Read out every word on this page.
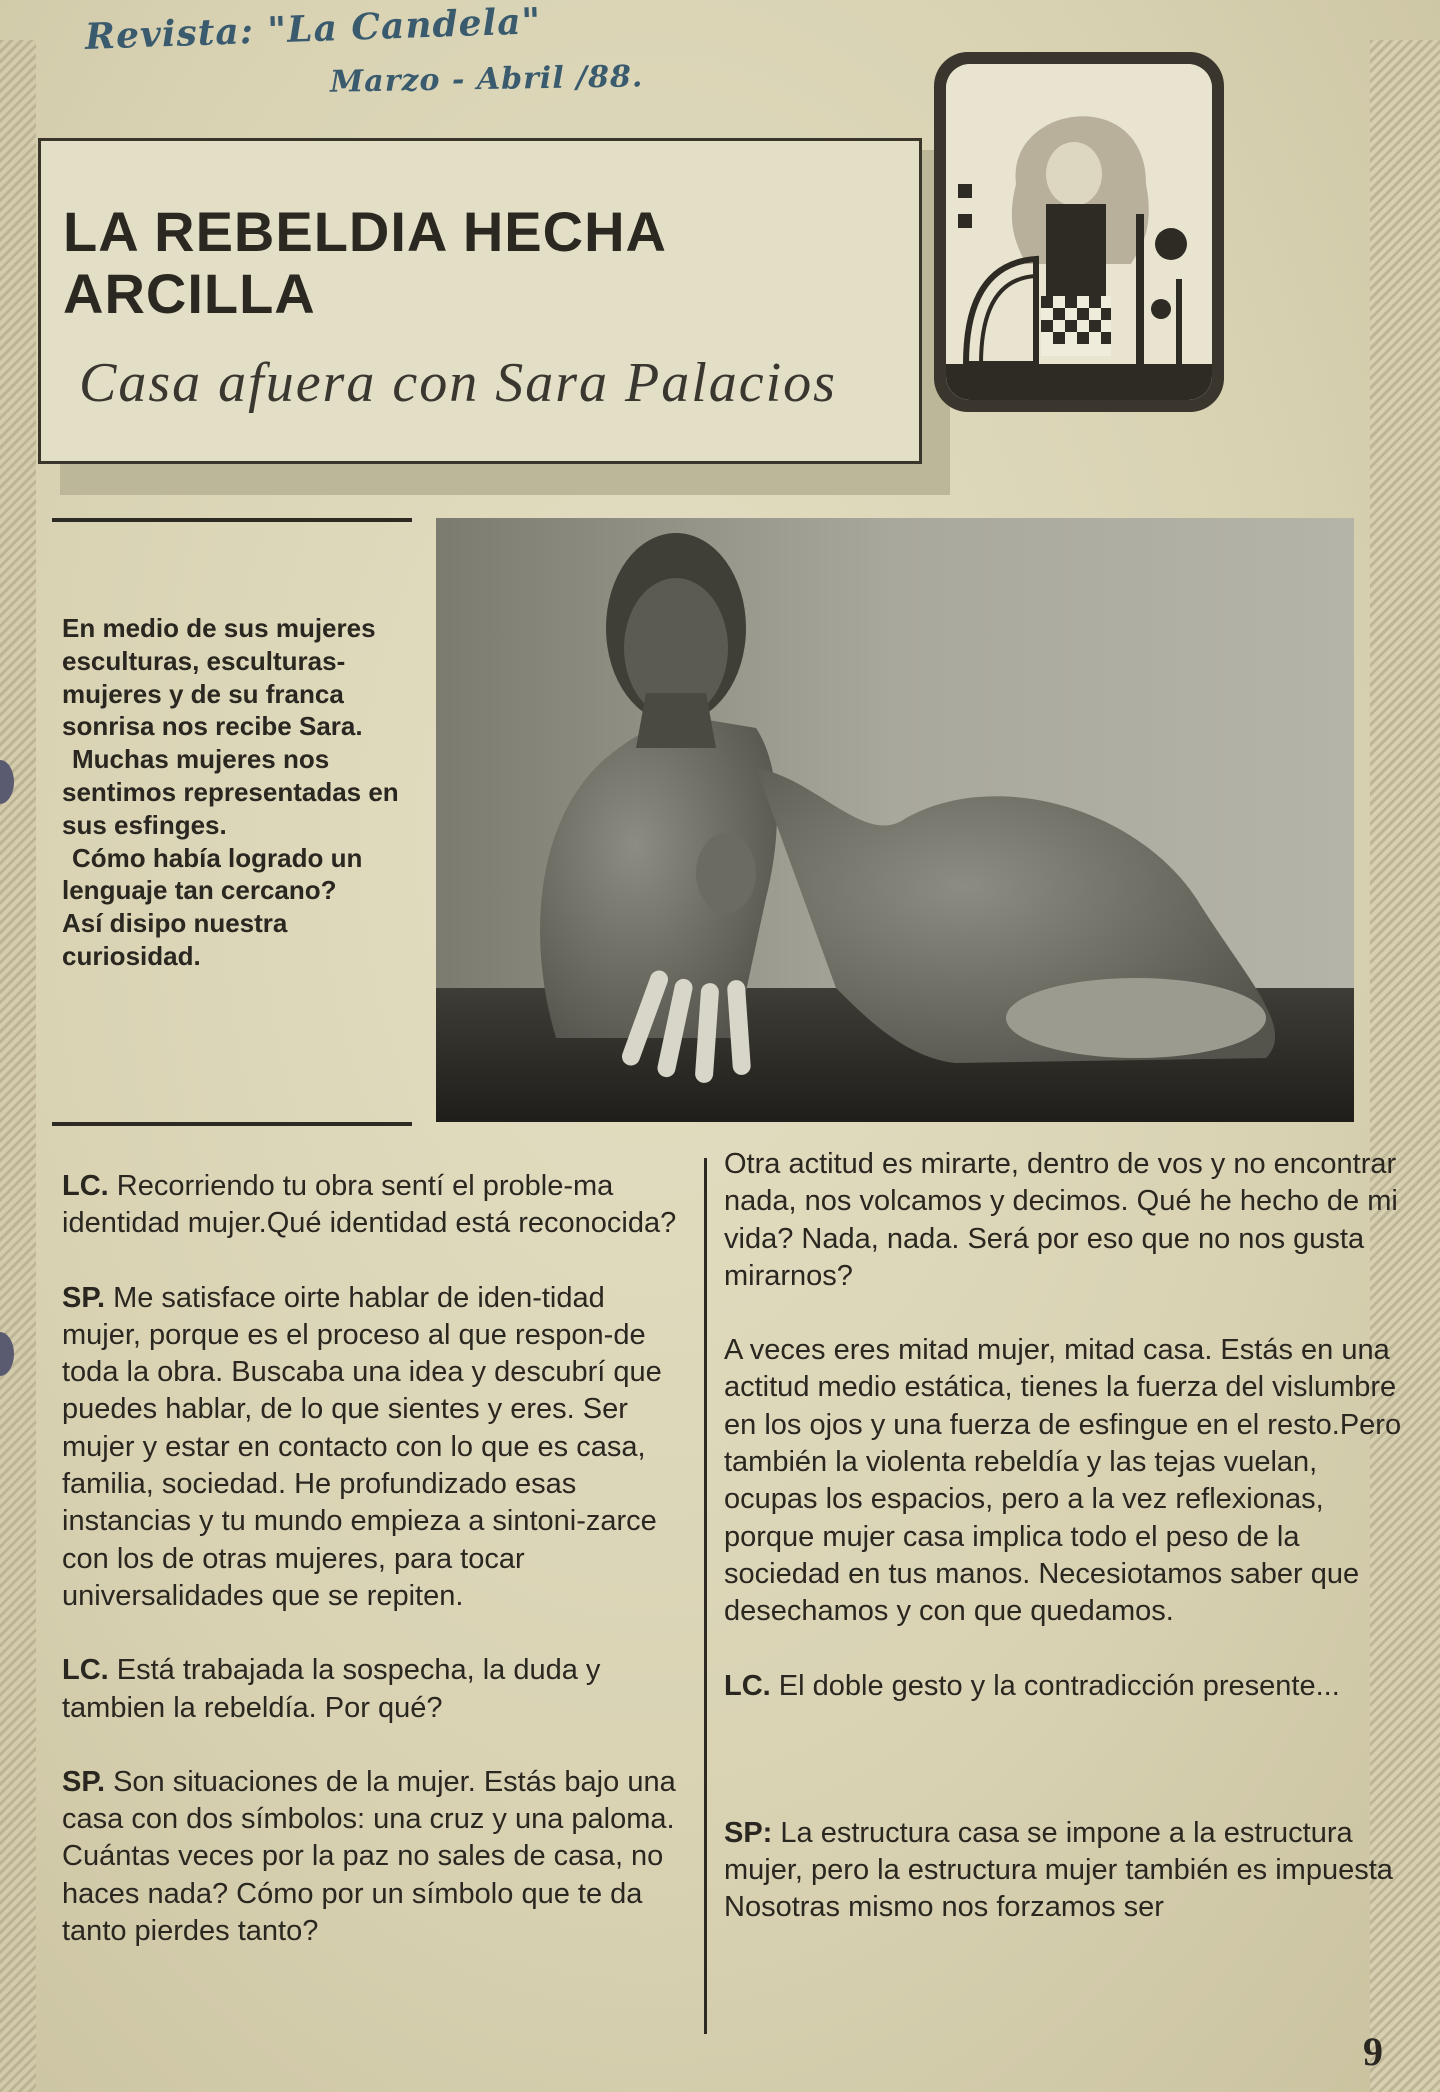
Revista: "La Candela"
Marzo - Abril /88.
LA REBELDIA HECHA ARCILLA
Casa afuera con Sara Palacios

En medio de sus mujeres esculturas, esculturas-mujeres y de su franca sonrisa nos recibe Sara.

Muchas mujeres nos sentimos representadas en sus esfinges.

Cómo había logrado un lenguaje tan cercano?

Así disipo nuestra curiosidad.

LC. Recorriendo tu obra sentí el proble-ma identidad mujer.Qué identidad está reconocida?

SP. Me satisface oirte hablar de iden-tidad mujer, porque es el proceso al que respon-de toda la obra. Buscaba una idea y descubrí que puedes hablar, de lo que sientes y eres. Ser mujer y estar en contacto con lo que es casa, familia, sociedad. He profundizado esas instancias y tu mundo empieza a sintoni-zarce con los de otras mujeres, para tocar universalidades que se repiten.

LC. Está trabajada la sospecha, la duda y tambien la rebeldía. Por qué?

SP. Son situaciones de la mujer. Estás bajo una casa con dos símbolos: una cruz y una paloma. Cuántas veces por la paz no sales de casa, no haces nada? Cómo por un símbolo que te da tanto pierdes tanto?

Otra actitud es mirarte, dentro de vos y no encontrar nada, nos volcamos y decimos. Qué he hecho de mi vida? Nada, nada. Será por eso que no nos gusta mirarnos?

A veces eres mitad mujer, mitad casa. Estás en una actitud medio estática, tienes la fuerza del vislumbre en los ojos y una fuerza de esfingue en el resto.Pero también la violenta rebeldía y las tejas vuelan, ocupas los espacios, pero a la vez reflexionas, porque mujer casa implica todo el peso de la sociedad en tus manos. Necesiotamos saber que desechamos y con que quedamos.

LC. El doble gesto y la contradicción presente...

SP: La estructura casa se impone a la estructura mujer, pero la estructura mujer también es impuesta Nosotras mismo nos forzamos ser

9
